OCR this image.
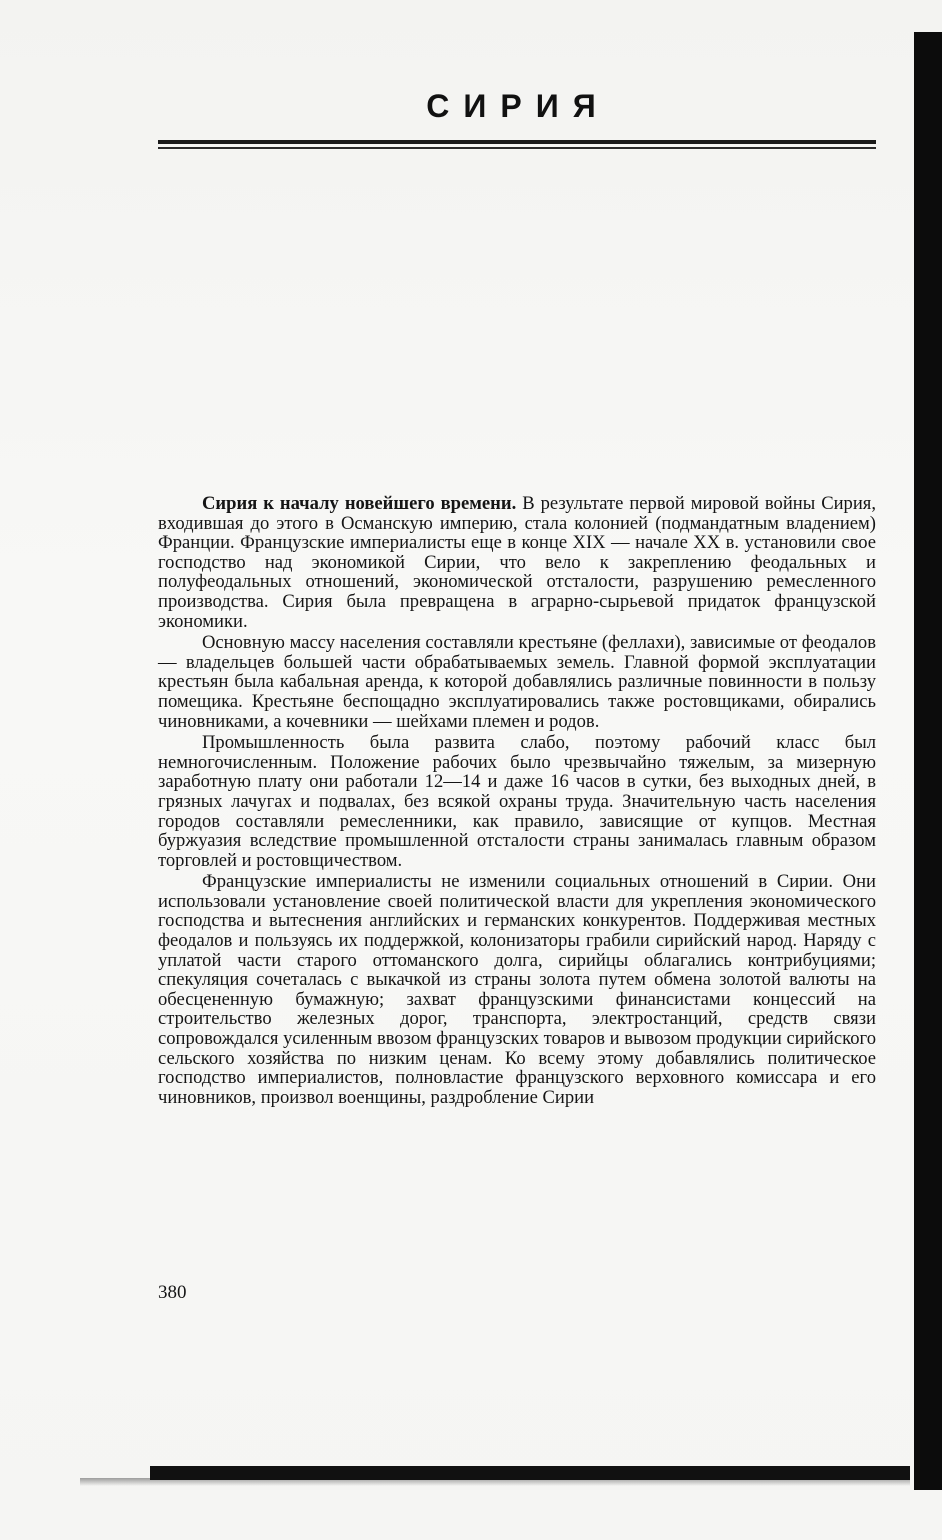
СИРИЯ

Сирия к началу новейшего времени. В результате первой мировой войны Сирия, входившая до этого в Османскую империю, стала колонией (подмандатным владением) Франции. Французские империалисты еще в конце XIX — начале XX в. установили свое господство над экономикой Сирии, что вело к закреплению феодальных и полуфеодальных отношений, экономической отсталости, разрушению ремесленного производства. Сирия была превращена в аграрно-сырьевой придаток французской экономики.

Основную массу населения составляли крестьяне (феллахи), зависимые от феодалов — владельцев большей части обрабатываемых земель. Главной формой эксплуатации крестьян была кабальная аренда, к которой добавлялись различные повинности в пользу помещика. Крестьяне беспощадно эксплуатировались также ростовщиками, обирались чиновниками, а кочевники — шейхами племен и родов.

Промышленность была развита слабо, поэтому рабочий класс был немногочисленным. Положение рабочих было чрезвычайно тяжелым, за мизерную заработную плату они работали 12—14 и даже 16 часов в сутки, без выходных дней, в грязных лачугах и подвалах, без всякой охраны труда. Значительную часть населения городов составляли ремесленники, как правило, зависящие от купцов. Местная буржуазия вследствие промышленной отсталости страны занималась главным образом торговлей и ростовщичеством.

Французские империалисты не изменили социальных отношений в Сирии. Они использовали установление своей политической власти для укрепления экономического господства и вытеснения английских и германских конкурентов. Поддерживая местных феодалов и пользуясь их поддержкой, колонизаторы грабили сирийский народ. Наряду с уплатой части старого оттоманского долга, сирийцы облагались контрибуциями; спекуляция сочеталась с выкачкой из страны золота путем обмена золотой валюты на обесцененную бумажную; захват французскими финансистами концессий на строительство железных дорог, транспорта, электростанций, средств связи сопровождался усиленным ввозом французских товаров и вывозом продукции сирийского сельского хозяйства по низким ценам. Ко всему этому добавлялись политическое господство империалистов, полновластие французского верховного комиссара и его чиновников, произвол военщины, раздробление Сирии

380
